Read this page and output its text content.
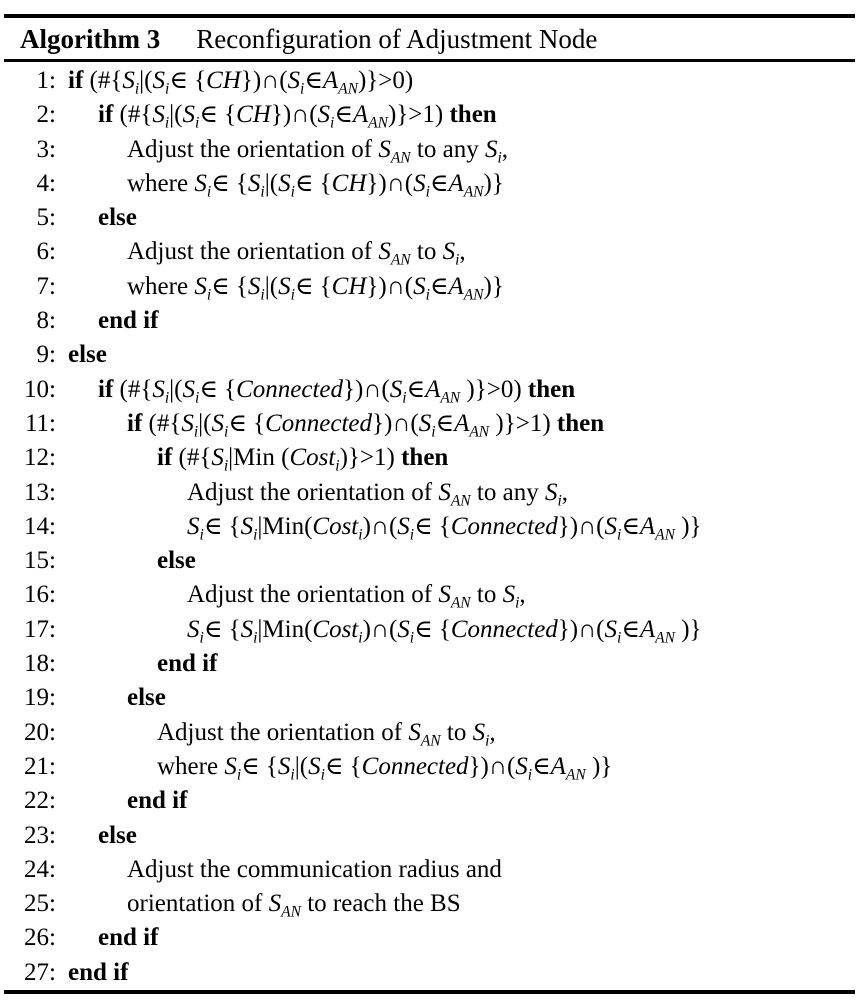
Algorithm 3 Reconfiguration of Adjustment Node
1: if ($\#\{S_i|(S_i\in$ $\{CH\})\cap(S_i\in A_{AN})\}>0$)
2: if ($\#\{S_i|(S_i\in$ $\{CH\})\cap(S_i\in A_{AN})\}>1$) then
3:	Adjust the orientation of $S_{AN}$ to any $S_i$,
4:	where $S_i\in$ {$S_i|(S_i\in$ $\{CH\})\cap(S_i\in A_{AN})$}
5: else
6:	Adjust the orientation of $S_{AN}$ to $S_i$,
7:	where $S_i\in$ {$S_i|(S_i\in$ $\{CH\})\cap(S_i\in A_{AN})$}
8: end if
9: else
10: if ($\#\{S_i|(S_i\in$ $\{Connected\})\cap(S_i\in A_{AN}$ )}>0) then
11:	if ($\#\{S_i|(S_i\in$ $\{Connected\})\cap(S_i\in A_{AN}$ )}>1) then
12:	if ($\#\{S_i|Min$ (Cost$_i$)}>1) then
13:	Adjust the orientation of $S_{AN}$ to any $S_i$,
14:	$S_i\in$ {$S_i|Min(Cost_i)\cap(S_i\in$ $\{Connected\})\cap(S_i\in A_{AN}$ )}
15:	else
16:	Adjust the orientation of $S_{AN}$ to $S_i$,
17:	$S_i\in$ {$S_i|Min(Cost_i)\cap(S_i\in$ $\{Connected\})\cap(S_i\in A_{AN}$ )}
18:	end if
19:	else
20:	Adjust the orientation of $S_{AN}$ to $S_i$,
21:	where $S_i\in$ {$S_i|(S_i\in$ $\{Connected\})\cap(S_i\in A_{AN}$ )}
22:	end if
23: else
24:	Adjust the communication radius and
25:	orientation of $S_{AN}$ to reach the BS
26: end if
27: end if
